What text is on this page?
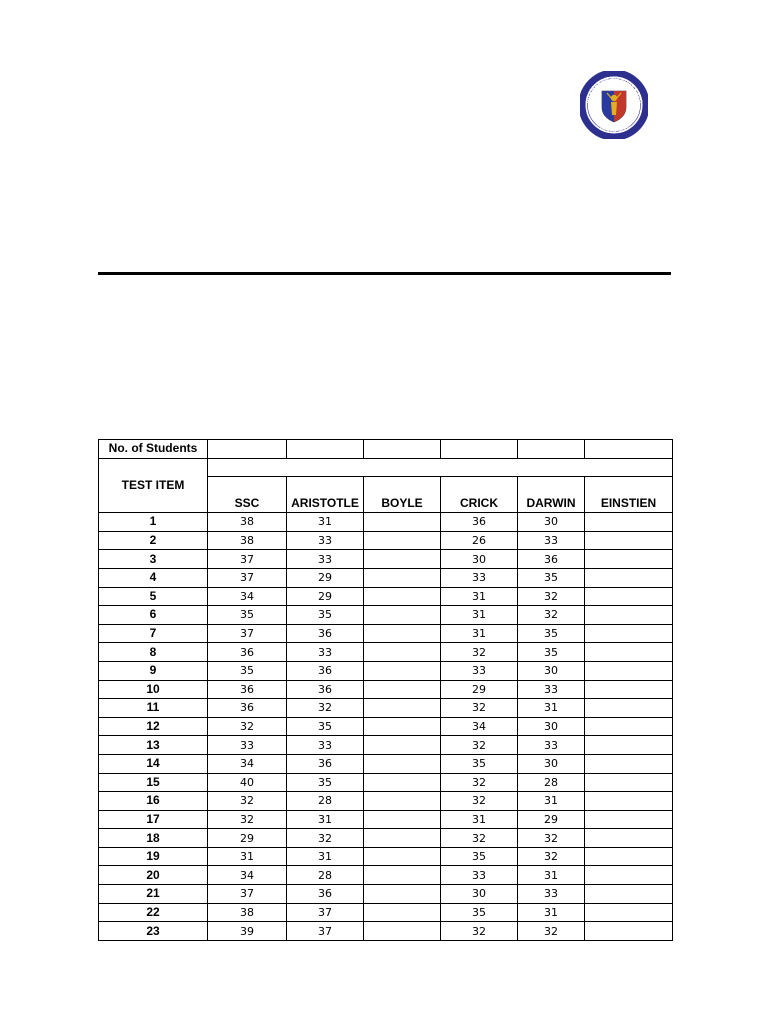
AGAWARAN NG EDUKASYO
REPUBLIKA NG PILIPINAS
No. of Students						
TEST ITEM						
	SSC	ARISTOTLE	BOYLE	CRICK	DARWIN	EINSTIEN
1	38	31		36	30	
2	38	33		26	33	
3	37	33		30	36	
4	37	29		33	35	
5	34	29		31	32	
6	35	35		31	32	
7	37	36		31	35	
8	36	33		32	35	
9	35	36		33	30	
10	36	36		29	33	
11	36	32		32	31	
12	32	35		34	30	
13	33	33		32	33	
14	34	36		35	30	
15	40	35		32	28	
16	32	28		32	31	
17	32	31		31	29	
18	29	32		32	32	
19	31	31		35	32	
20	34	28		33	31	
21	37	36		30	33	
22	38	37		35	31	
23	39	37		32	32	
